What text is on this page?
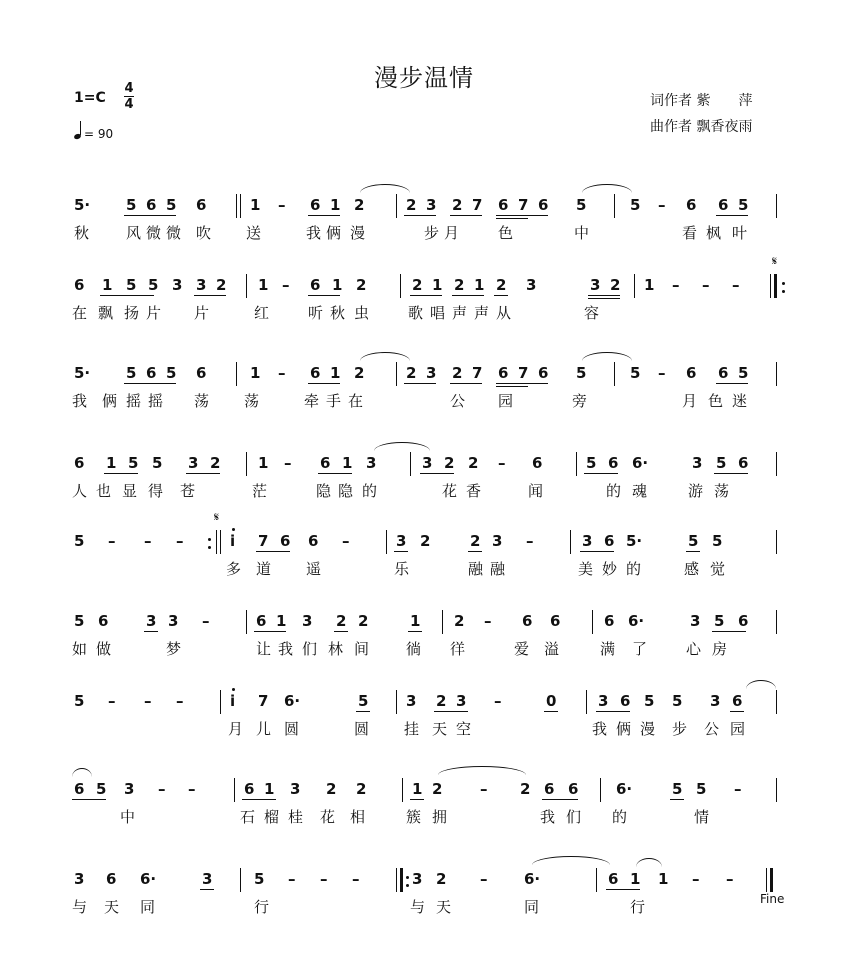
漫步温情
1=C
4
4
= 90
词作者 紫　　萍
曲作者 飘香夜雨
5· 5 6 5 6	1 – 6 1 2	2 3 2 7 6 7 6 5	5 – 6 6 5
秋 风 微 微 吹 送	我 俩 漫	步 月	色	中	看 枫 叶
6 1 5 5 3 3 2 1 – 6 1 2	2 1 2 1 2 3	3 2 1 – – –
𝄋
在 飘 扬 片 片	红	听 秋 虫	歌 唱 声 声 从	容
5· 5 6 5 6	1 – 6 1 2	2 3 2 7 6 7 6 5	5 – 6 6 5
我 俩 摇 摇 荡 荡	牵 手 在	公 园	旁	月 色 迷
6 1 5 5 3 2	1 – 6 1 3	3 2 2 – 6	5 6 6·	3 5 6
人 也 显 得 苍	茫	隐 隐 的	花 香	闻	的 魂	游 荡
5 – – –	i 7 6 6 –	3 2	2 3 –	3 6 5·	5 5
𝄋
多 道 遥	乐	融 融	美 妙 的	感 觉
5 6	3 3 –	6 1 3 2 2	1 2 – 6 6	6 6·	3 5 6
如 做	梦	让 我 们 林 间 徜 徉	爱 溢	满 了	心 房
5 – – –	i 7 6·	5	3 2 3 –	0	3 6 5 5 3 6
月 儿 圆	圆 挂 天 空	我 俩 漫 步 公 园
6 5 3 – –	6 1 3 2 2	1 2	– 2 6 6	6·	5 5 –
中	石 榴 桂 花 相	簇 拥	我 们 的	情
3 6 6·	3	5 – – –	3 2 – 6·	6 1 1 – –
Fine
与 天 同	行	与 天	同	行
